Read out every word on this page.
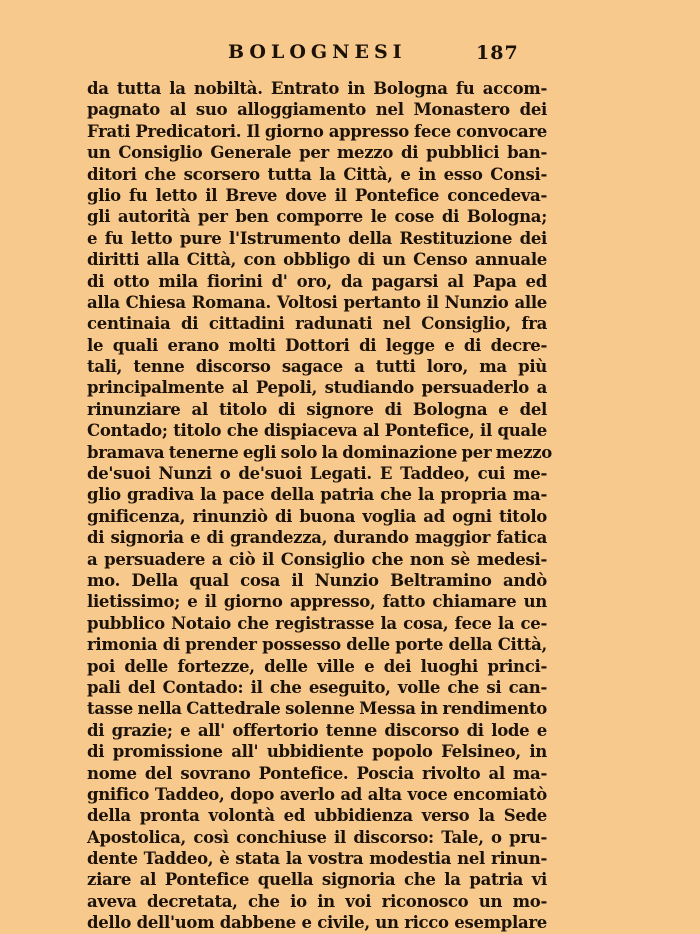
BOLOGNESI	187
da tutta la nobiltà. Entrato in Bologna fu accom-
pagnato al suo alloggiamento nel Monastero dei
Frati Predicatori. Il giorno appresso fece convocare
un Consiglio Generale per mezzo di pubblici ban-
ditori che scorsero tutta la Città, e in esso Consi-
glio fu letto il Breve dove il Pontefice concedeva-
gli autorità per ben comporre le cose di Bologna;
e fu letto pure l'Istrumento della Restituzione dei
diritti alla Città, con obbligo di un Censo annuale
di otto mila fiorini d' oro, da pagarsi al Papa ed
alla Chiesa Romana. Voltosi pertanto il Nunzio alle
centinaia di cittadini radunati nel Consiglio, fra
le quali erano molti Dottori di legge e di decre-
tali, tenne discorso sagace a tutti loro, ma più
principalmente al Pepoli, studiando persuaderlo a
rinunziare al titolo di signore di Bologna e del
Contado; titolo che dispiaceva al Pontefice, il quale
bramava tenerne egli solo la dominazione per mezzo
de'suoi Nunzi o de'suoi Legati. E Taddeo, cui me-
glio gradiva la pace della patria che la propria ma-
gnificenza, rinunziò di buona voglia ad ogni titolo
di signoria e di grandezza, durando maggior fatica
a persuadere a ciò il Consiglio che non sè medesi-
mo. Della qual cosa il Nunzio Beltramino andò
lietissimo; e il giorno appresso, fatto chiamare un
pubblico Notaio che registrasse la cosa, fece la ce-
rimonia di prender possesso delle porte della Città,
poi delle fortezze, delle ville e dei luoghi princi-
pali del Contado: il che eseguito, volle che si can-
tasse nella Cattedrale solenne Messa in rendimento
di grazie; e all' offertorio tenne discorso di lode e
di promissione all' ubbidiente popolo Felsineo, in
nome del sovrano Pontefice. Poscia rivolto al ma-
gnifico Taddeo, dopo averlo ad alta voce encomiatò
della pronta volontà ed ubbidienza verso la Sede
Apostolica, così conchiuse il discorso: Tale, o pru-
dente Taddeo, è stata la vostra modestia nel rinun-
ziare al Pontefice quella signoria che la patria vi
aveva decretata, che io in voi riconosco un mo-
dello dell'uom dabbene e civile, un ricco esemplare
